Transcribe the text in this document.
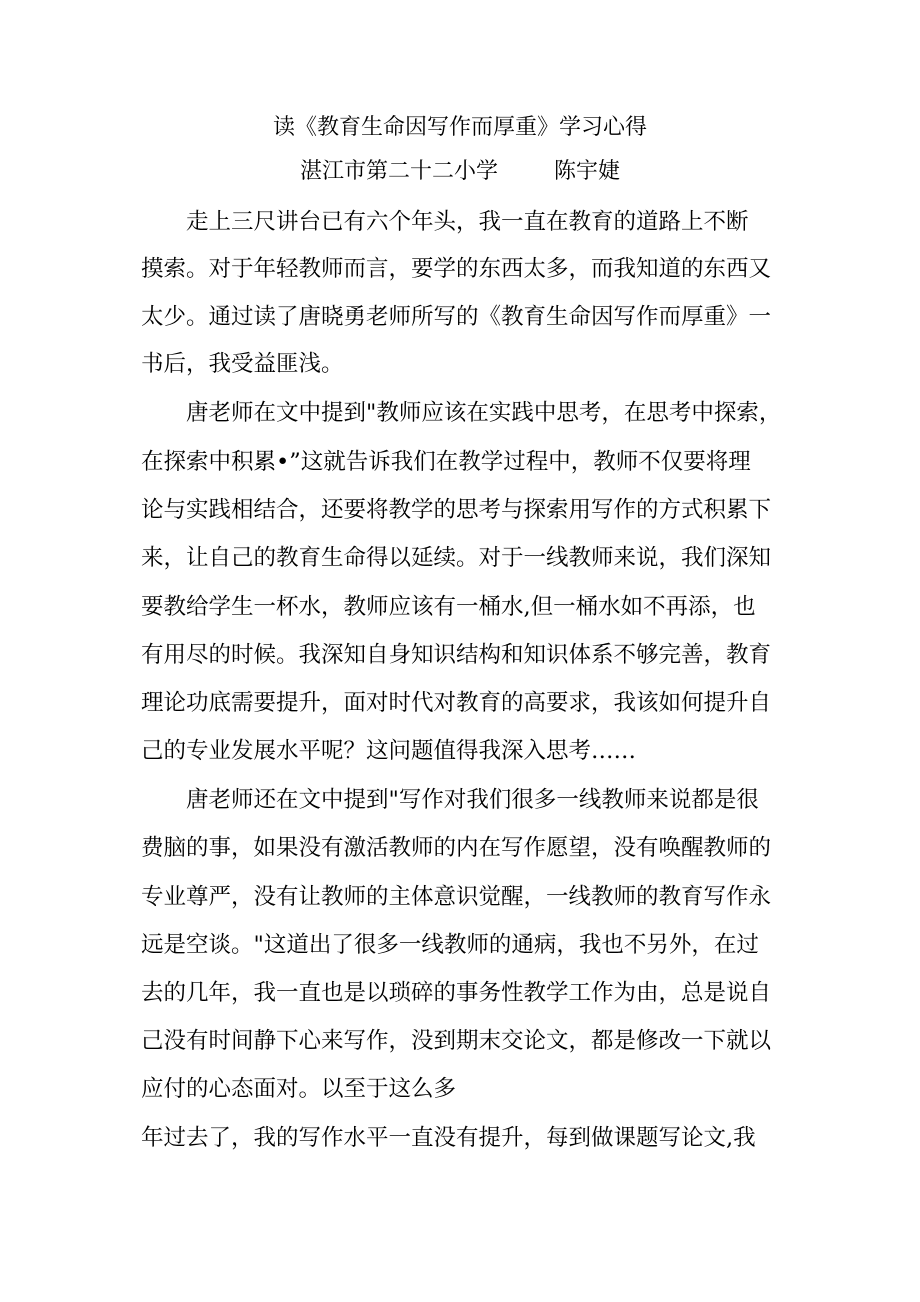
读《教育生命因写作而厚重》学习心得
湛江市第二十二小学	陈宇婕
　　走上三尺讲台已有六个年头，我一直在教育的道路上不断
摸索。对于年轻教师而言，要学的东西太多，而我知道的东西又
太少。通过读了唐晓勇老师所写的《教育生命因写作而厚重》一
书后，我受益匪浅。
　　唐老师在文中提到"教师应该在实践中思考，在思考中探索，
在探索中积累•”这就告诉我们在教学过程中，教师不仅要将理
论与实践相结合，还要将教学的思考与探索用写作的方式积累下
来，让自己的教育生命得以延续。对于一线教师来说，我们深知
要教给学生一杯水，教师应该有一桶水,但一桶水如不再添，也
有用尽的时候。我深知自身知识结构和知识体系不够完善，教育
理论功底需要提升，面对时代对教育的高要求，我该如何提升自
己的专业发展水平呢？这问题值得我深入思考……
　　唐老师还在文中提到"写作对我们很多一线教师来说都是很
费脑的事，如果没有激活教师的内在写作愿望，没有唤醒教师的
专业尊严，没有让教师的主体意识觉醒，一线教师的教育写作永
远是空谈。"这道出了很多一线教师的通病，我也不另外，在过
去的几年，我一直也是以琐碎的事务性教学工作为由，总是说自
己没有时间静下心来写作，没到期末交论文，都是修改一下就以
应付的心态面对。以至于这么多
年过去了，我的写作水平一直没有提升，每到做课题写论文,我
